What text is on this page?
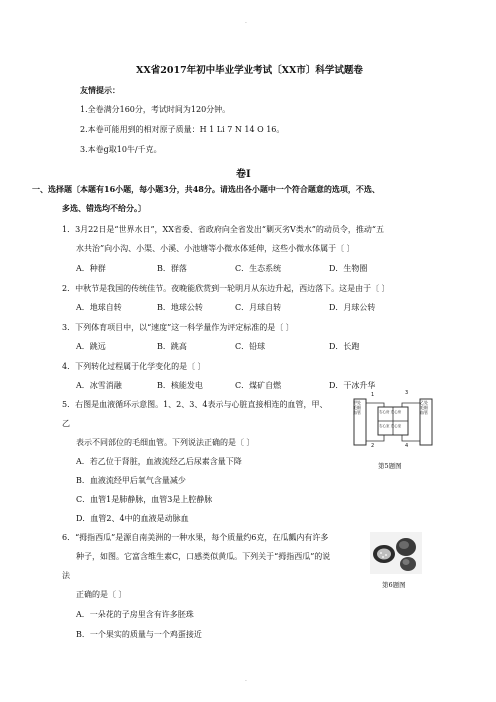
.
.
XX省2017年初中毕业学业考试〔XX市〕科学试题卷
友情提示：
1.全卷满分160分，考试时间为120分钟。
2.本卷可能用到的相对原子质量：H 1 Li 7 N 14 O 16。
3.本卷g取10牛/千克。
卷Ⅰ
一、选择题〔本题有16小题，每小题3分，共48分。请选出各小题中一个符合题意的选项，不选、
多选、错选均不给分。〕
1．3月22日是“世界水日”，XX省委、省政府向全省发出“剿灭劣Ⅴ类水”的动员令，推动“五
水共治”向小沟、小渠、小溪、小池塘等小微水体延伸，这些小微水体属于〔 〕
A．种群	B．群落	C．生态系统	D．生物圈
2．中秋节是我国的传统佳节。夜晚能欣赏到一轮明月从东边升起，西边落下。这是由于〔 〕
A．地球自转	B．地球公转	C．月球自转	D．月球公转
3．下列体育项目中，以“速度”这一科学量作为评定标准的是〔 〕
A．跳远	B．跳高	C．铅球	D．长跑
4．下列转化过程属于化学变化的是〔 〕
A．冰雪消融	B．核能发电	C．煤矿自燃	D．干冰升华
5．右图是血液循环示意图。1、2、3、4表示与心脏直接相连的血管，甲、
乙
表示不同部位的毛细血管。下列说法正确的是〔 〕
A．若乙位于肾脏，血液流经乙后尿素含量下降
B．血液流经甲后氧气含量减少
C．血管1是肺静脉，血管3是上腔静脉
D．血管2、4中的血液是动脉血
甲处毛细血管
乙处毛细血管
右心房 左心房
右心室 左心室
1	3
2	4
第5题图
6．“拇指西瓜”是源自南美洲的一种水果，每个质量约6克，在瓜瓤内有许多
种子，如图。它富含维生素C，口感类似黄瓜。下列关于“拇指西瓜”的说
法
正确的是〔 〕
A．一朵花的子房里含有许多胚珠
B．一个果实的质量与一个鸡蛋接近
第6题图
